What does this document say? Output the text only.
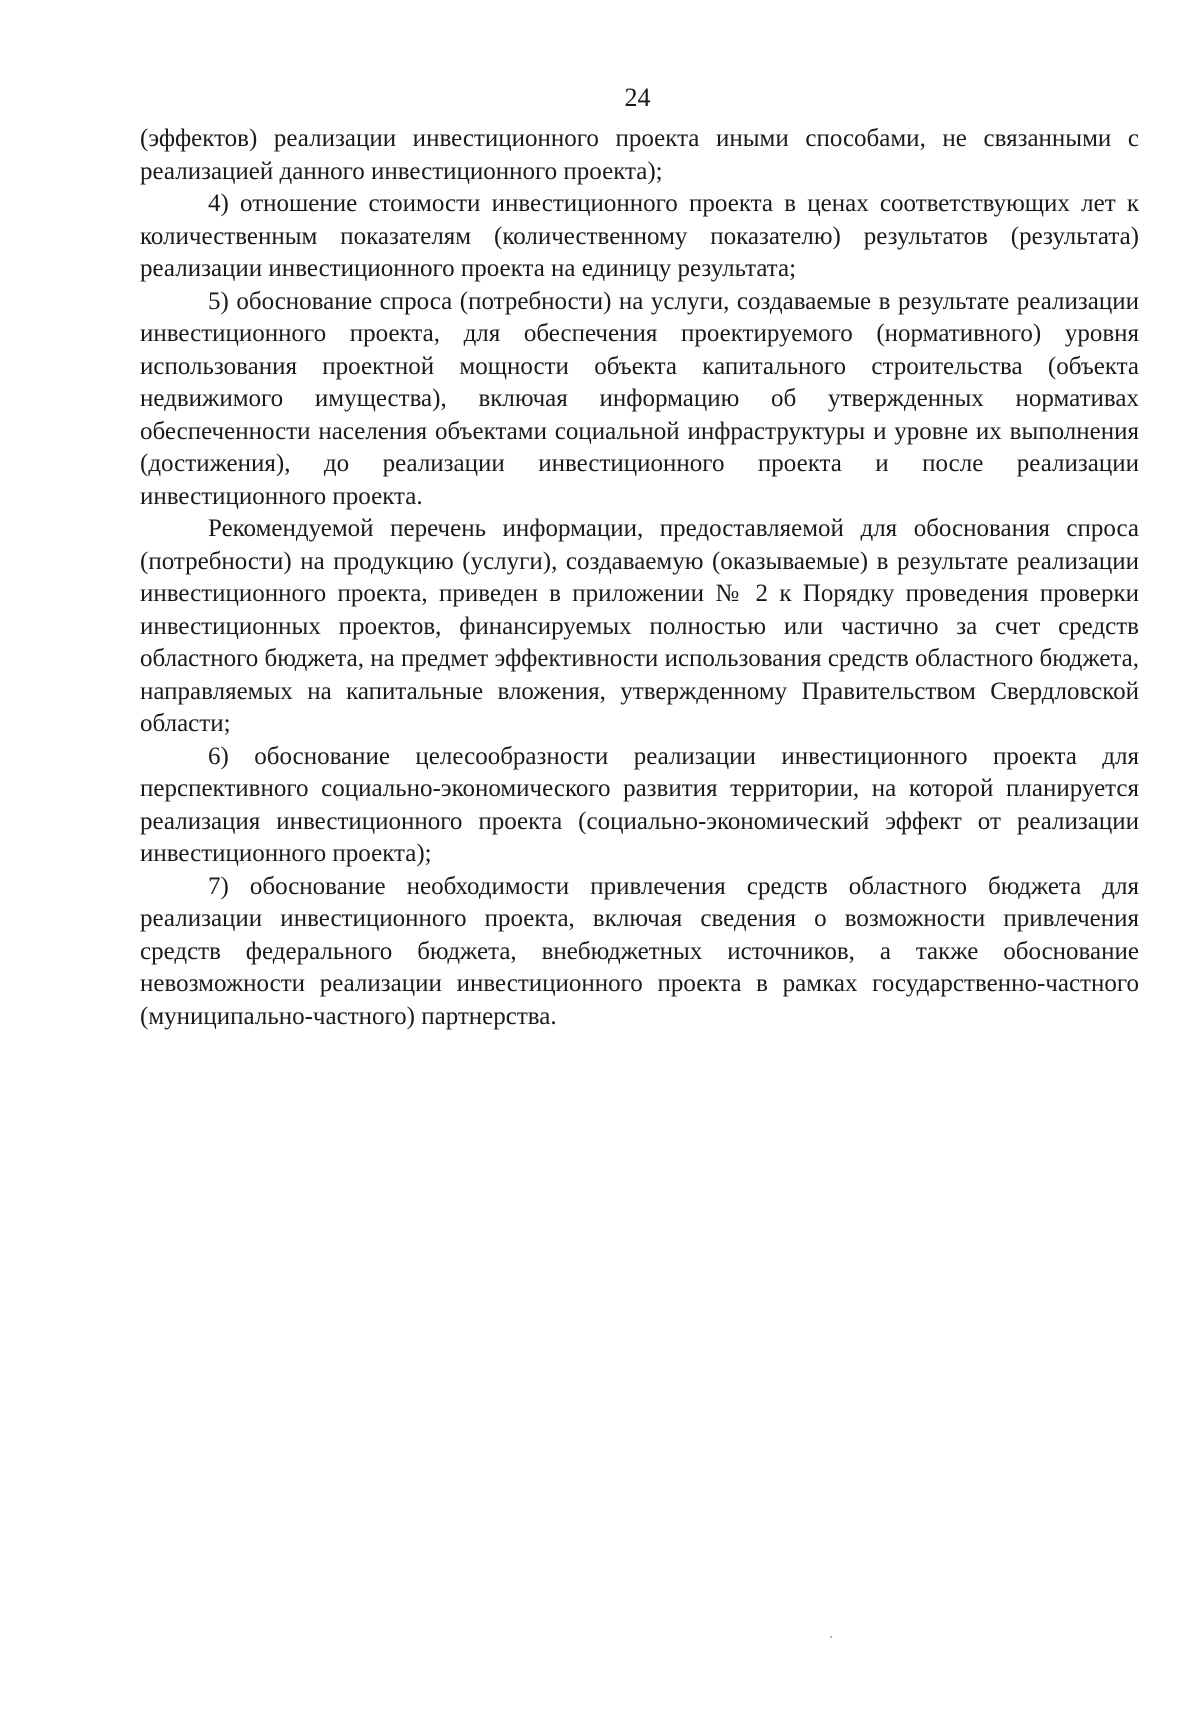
24

(эффектов) реализации инвестиционного проекта иными способами, не связанными с реализацией данного инвестиционного проекта);

4) отношение стоимости инвестиционного проекта в ценах соответствующих лет к количественным показателям (количественному показателю) результатов (результата) реализации инвестиционного проекта на единицу результата;

5) обоснование спроса (потребности) на услуги, создаваемые в результате реализации инвестиционного проекта, для обеспечения проектируемого (нормативного) уровня использования проектной мощности объекта капитального строительства (объекта недвижимого имущества), включая информацию об утвержденных нормативах обеспеченности населения объектами социальной инфраструктуры и уровне их выполнения (достижения), до реализации инвестиционного проекта и после реализации инвестиционного проекта.

Рекомендуемой перечень информации, предоставляемой для обоснования спроса (потребности) на продукцию (услуги), создаваемую (оказываемые) в результате реализации инвестиционного проекта, приведен в приложении № 2 к Порядку проведения проверки инвестиционных проектов, финансируемых полностью или частично за счет средств областного бюджета, на предмет эффективности использования средств областного бюджета, направляемых на капитальные вложения, утвержденному Правительством Свердловской области;

6) обоснование целесообразности реализации инвестиционного проекта для перспективного социально-экономического развития территории, на которой планируется реализация инвестиционного проекта (социально-экономический эффект от реализации инвестиционного проекта);

7) обоснование необходимости привлечения средств областного бюджета для реализации инвестиционного проекта, включая сведения о возможности привлечения средств федерального бюджета, внебюджетных источников, а также обоснование невозможности реализации инвестиционного проекта в рамках государственно-частного (муниципально-частного) партнерства.
